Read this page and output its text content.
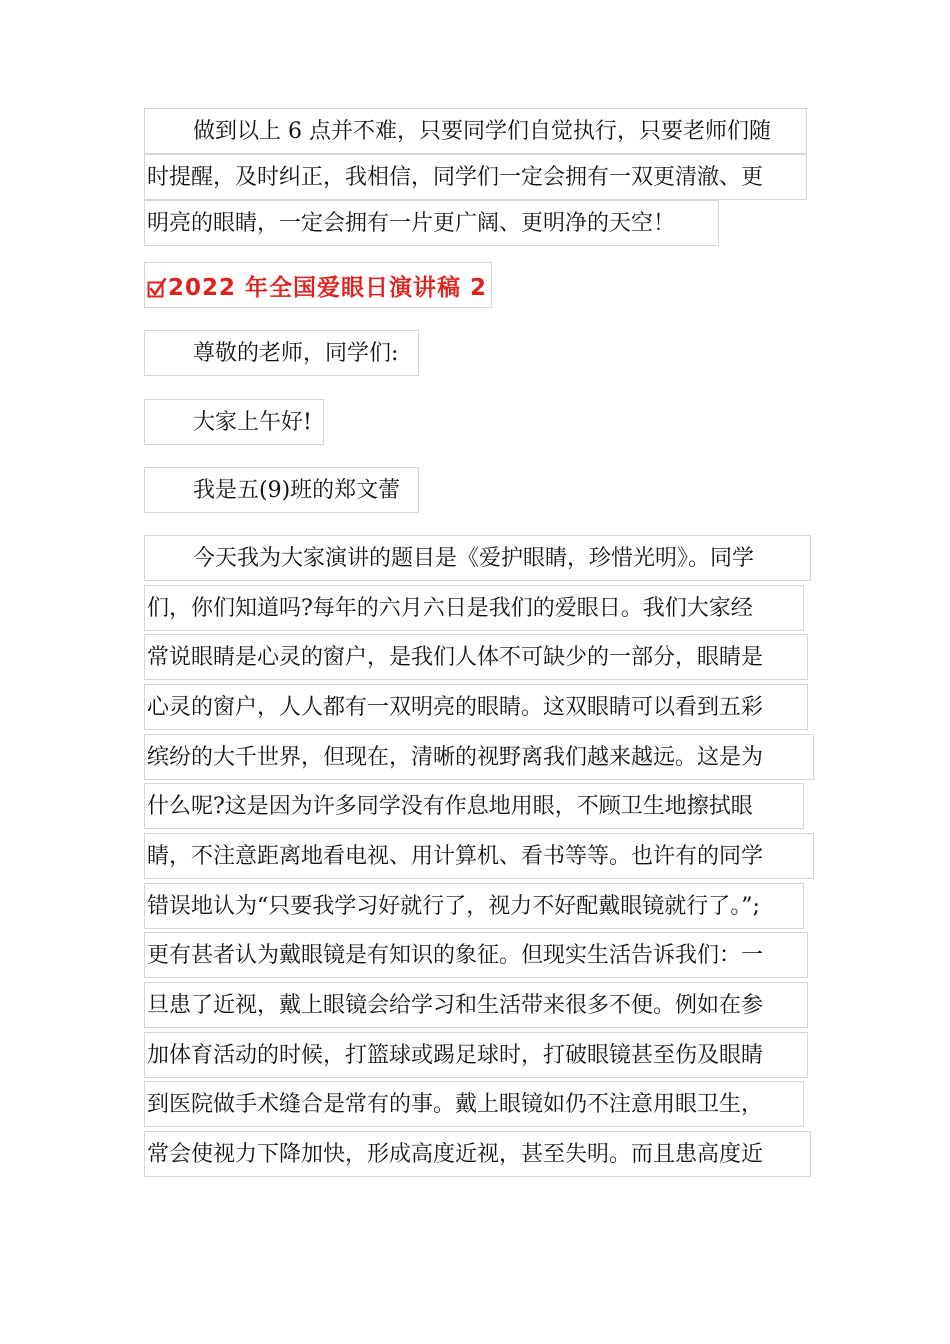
做到以上 6 点并不难，只要同学们自觉执行，只要老师们随
时提醒，及时纠正，我相信，同学们一定会拥有一双更清澈、更
明亮的眼睛，一定会拥有一片更广阔、更明净的天空！
2022 年全国爱眼日演讲稿 2
尊敬的老师，同学们:
大家上午好!
我是五(9)班的郑文蕾
今天我为大家演讲的题目是《爱护眼睛，珍惜光明》。同学
们，你们知道吗?每年的六月六日是我们的爱眼日。我们大家经
常说眼睛是心灵的窗户，是我们人体不可缺少的一部分，眼睛是
心灵的窗户，人人都有一双明亮的眼睛。这双眼睛可以看到五彩
缤纷的大千世界，但现在，清晰的视野离我们越来越远。这是为
什么呢?这是因为许多同学没有作息地用眼，不顾卫生地擦拭眼
睛，不注意距离地看电视、用计算机、看书等等。也许有的同学
错误地认为“只要我学习好就行了，视力不好配戴眼镜就行了。”;
更有甚者认为戴眼镜是有知识的象征。但现实生活告诉我们：一
旦患了近视，戴上眼镜会给学习和生活带来很多不便。例如在参
加体育活动的时候，打篮球或踢足球时，打破眼镜甚至伤及眼睛
到医院做手术缝合是常有的事。戴上眼镜如仍不注意用眼卫生，
常会使视力下降加快，形成高度近视，甚至失明。而且患高度近
